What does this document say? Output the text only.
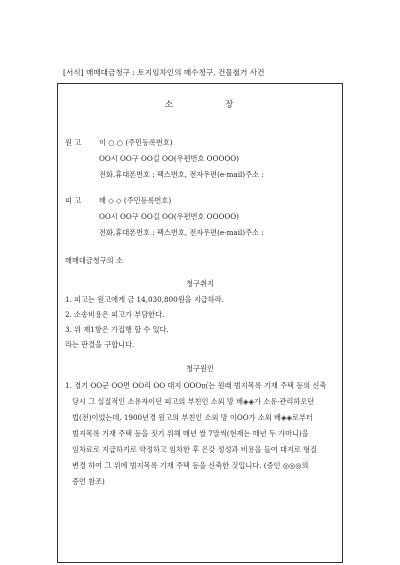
[서식] 매매대금청구 : 토지임차인의 매수청구, 건물철거 사건
소	장
원 고	이 ○ ○ (주민등록번호)
OO시 OO구 OO길 OO(우편번호 OOOOO)
전화․휴대폰번호 : 팩스번호, 전자우편(e-mail)주소 :
피 고	배 ◇ ◇ (주민등록번호)
OO시 OO구 OO길 OO(우편번호 OOOOO)
전화․휴대폰번호 : 팩스번호, 전자우편(e-mail)주소 :
매매대금청구의 소
청구취지
1. 피고는 원고에게 금 14,030,800원을 지급하라.
2. 소송비용은 피고가 부담한다.
3. 위 제1항은 가집행 할 수 있다.
라는 판결을 구합니다.
청구원인
1. 경기 OO군 OO면 OO리 OO 대지 OOO㎡는 원래 범지목록 기재 주택 등의 신축
당시 그 실질적인 소유자이던 피고의 부친인 소외 망 배◈◈가 소유·관리하오던
법(전)이었는데, 1900년경 원고의 부친인 소외 망 이OO가 소외 배◈◈로부터
범지목록 기재 주택 등을 짓기 위해 매년 쌀 7말씩(현재는 매년 두 가마니)을
임차료로 지급하기로 약정하고 임차한 후 은갖 정성과 비용을 들여 대지로 형질
변경 하여 그 위에 범지목록 기재 주택 등을 신축한 것입니다. (증인 ◎◎◎의
증언 참조)
